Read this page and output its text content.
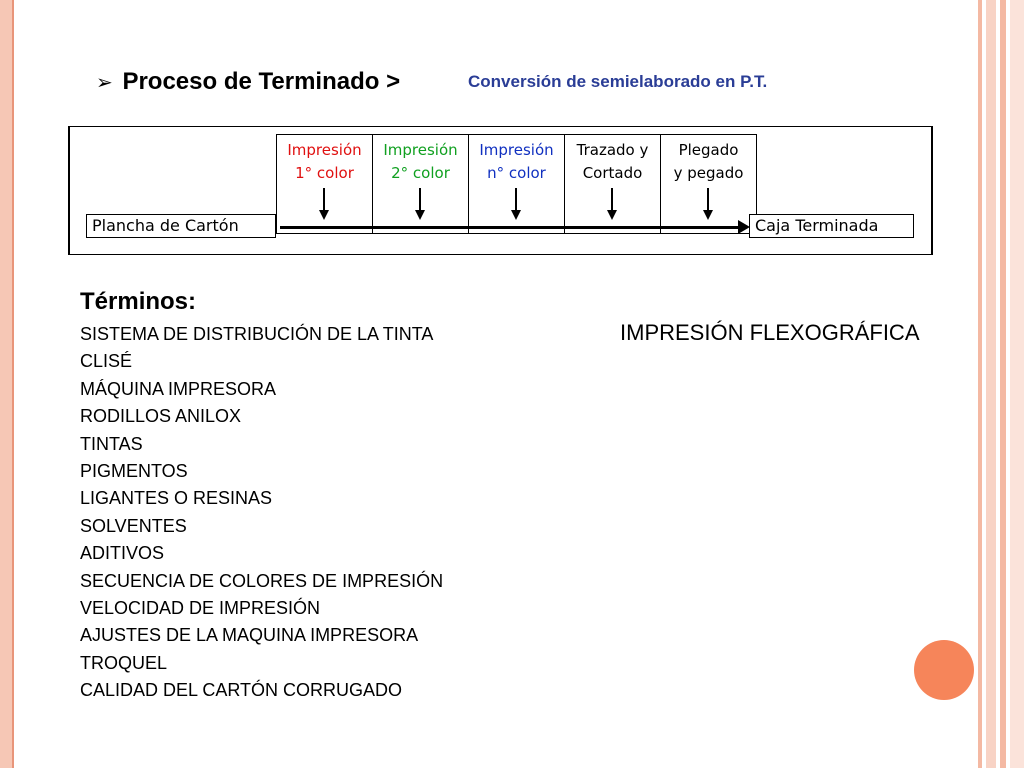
➢ Proceso de Terminado >	Conversión de semielaborado en P.T.
Impresión
1° color
Impresión
2° color
Impresión
n° color
Trazado y
Cortado
Plegado
y pegado
Plancha de Cartón	Caja Terminada
Términos:
SISTEMA DE DISTRIBUCIÓN DE LA TINTA
CLISÉ
MÁQUINA IMPRESORA
RODILLOS ANILOX
TINTAS
PIGMENTOS
LIGANTES O RESINAS
SOLVENTES
ADITIVOS
SECUENCIA DE COLORES DE IMPRESIÓN
VELOCIDAD DE IMPRESIÓN
AJUSTES DE LA MAQUINA IMPRESORA
TROQUEL
CALIDAD DEL CARTÓN CORRUGADO
IMPRESIÓN FLEXOGRÁFICA
